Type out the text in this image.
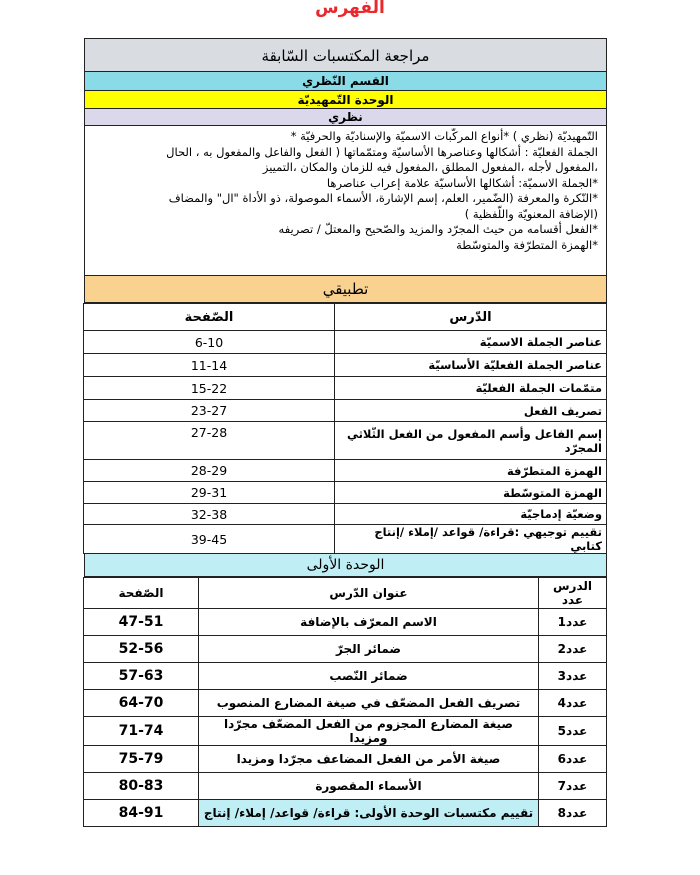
الفهرس
مراجعة المكتسبات السّابقة
القسم النّظري
الوحدة التّمهيديّة
نظري

التّمهيديّة (نظري ) *أنواع المركّبات الاسميّة والإسناديّة والحرفيّة *

الجملة الفعليّة : أشكالها وعناصرها الأساسيّة ومتمّماتها ( الفعل والفاعل والمفعول به ، الحال

،المفعول لأجله ،المفعول المطلق ،المفعول فيه للزمان والمكان ،التمييز

*الجملة الاسميّة: أشكالها الأساسيّة علامة إعراب عناصرها

*النّكرة والمعرفة (الضّمير، العلم، إسم الإشارة، الأسماء الموصولة، ذو الأداة "ال" والمضاف

(الإضافة المعنويّة واللّفظية )

*الفعل أقسامه من حيث المجرّد والمزيد والصّحيح والمعتلّ / تصريفه

*الهمزة المتطرّفة والمتوسّطة

تطبيقي
الدّرس	الصّفحة
عناصر الجملة الاسميّة	6-10
عناصر الجملة الفعليّة الأساسيّة	11-14
متمّمات الجملة الفعليّة	15-22
تصريف الفعل	23-27
إسم الفاعل وأسم المفعول من الفعل الثّلاثي المجرّد	27-28
الهمزة المتطرّفة	28-29
الهمزة المتوسّطة	29-31
وضعيّة إدماجيّة	32-38
تقييم توجيهي :قراءة/ قواعد /إملاء /إنتاج كتابي	39-45
الوحدة الأولى
الدرس عدد	عنوان الدّرس	الصّفحة
عدد1	الاسم المعرّف بالإضافة	47-51
عدد2	ضمائر الجرّ	52-56
عدد3	ضمائر النّصب	57-63
عدد4	تصريف الفعل المضعّف في صيغة المضارع المنصوب	64-70
عدد5	صيغة المضارع المجزوم من الفعل المضعّف مجرّدا ومزيدا	71-74
عدد6	صيغة الأمر من الفعل المضاعف مجرّدا ومزيدا	75-79
عدد7	الأسماء المقصورة	80-83
عدد8	تقييم مكتسبات الوحدة الأولى: قراءة/ قواعد/ إملاء/ إنتاج	84-91
